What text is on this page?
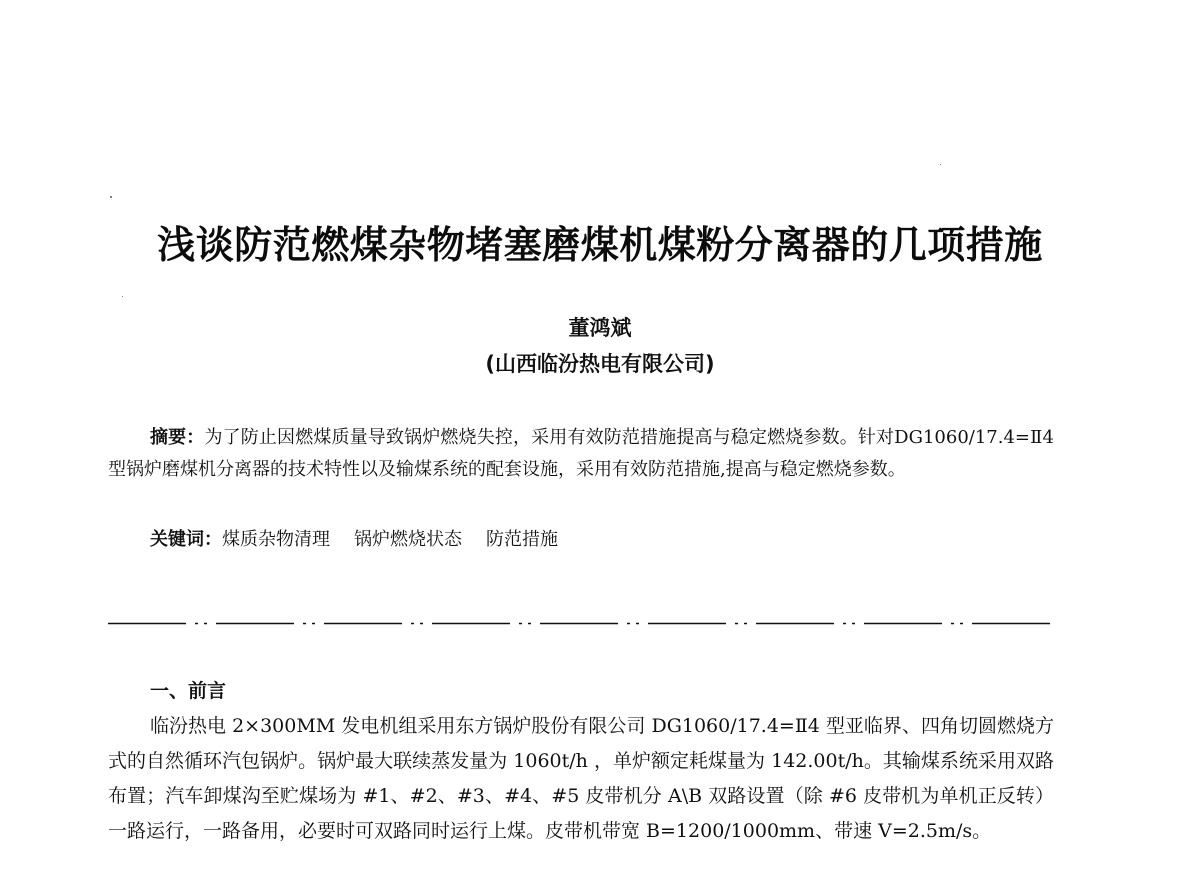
浅谈防范燃煤杂物堵塞磨煤机煤粉分离器的几项措施
董鸿斌
(山西临汾热电有限公司)

摘要：为了防止因燃煤质量导致锅炉燃烧失控，采用有效防范措施提高与稳定燃烧参数。针对DG1060/17.4=Ⅱ4 型锅炉磨煤机分离器的技术特性以及输煤系统的配套设施，采用有效防范措施,提高与稳定燃烧参数。

关键词：煤质杂物清理 锅炉燃烧状态 防范措施
一、前言

临汾热电 2×300MM 发电机组采用东方锅炉股份有限公司 DG1060/17.4=Ⅱ4 型亚临界、四角切圆燃烧方式的自然循环汽包锅炉。锅炉最大联续蒸发量为 1060t/h ，单炉额定耗煤量为 142.00t/h。其输煤系统采用双路布置；汽车卸煤沟至贮煤场为 #1、#2、#3、#4、#5 皮带机分 A\B 双路设置（除 #6 皮带机为单机正反转）一路运行，一路备用，必要时可双路同时运行上煤。皮带机带宽 B=1200/1000mm、带速 V=2.5m/s。
